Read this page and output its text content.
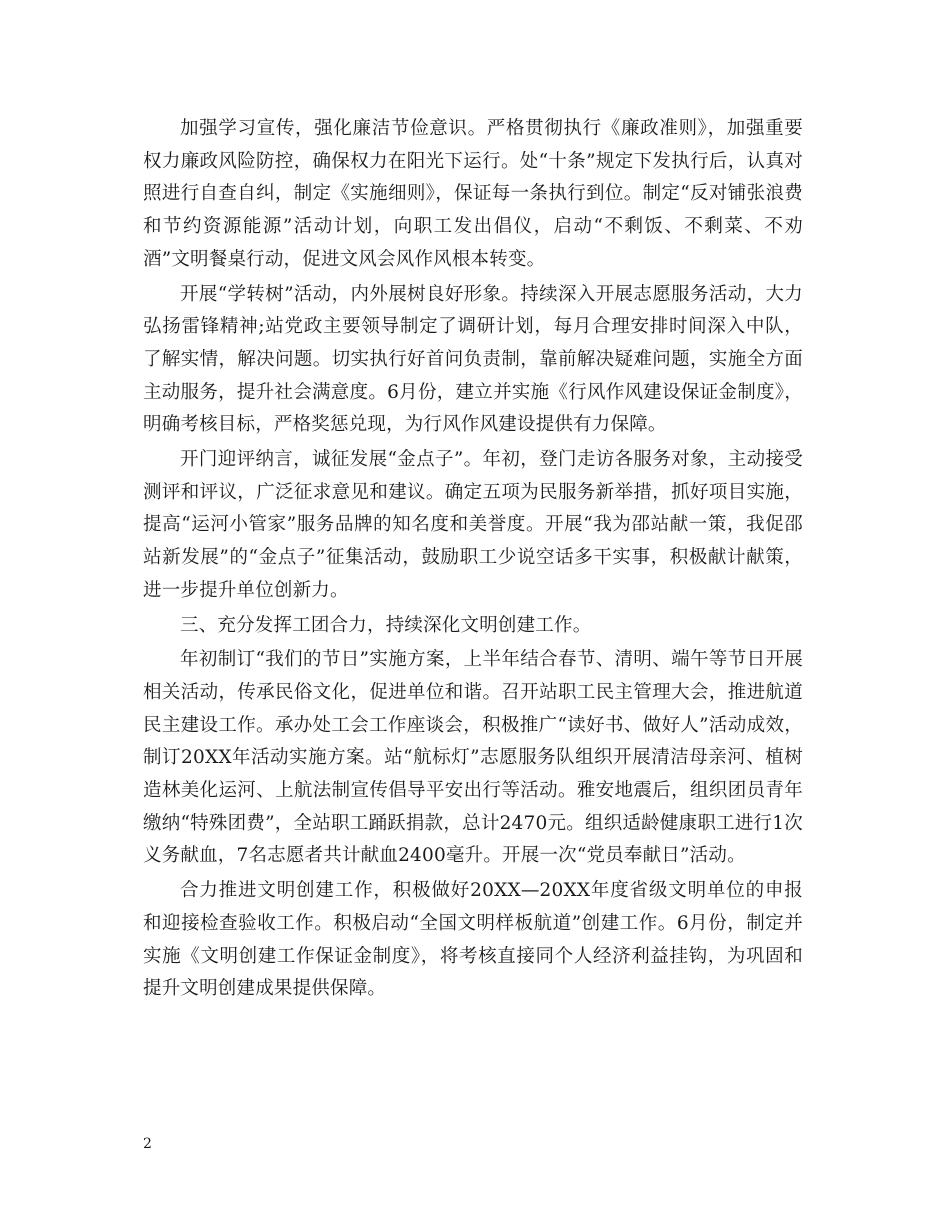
加强学习宣传，强化廉洁节俭意识。严格贯彻执行《廉政准则》，加强重要权力廉政风险防控，确保权力在阳光下运行。处“十条”规定下发执行后，认真对照进行自查自纠，制定《实施细则》，保证每一条执行到位。制定“反对铺张浪费和节约资源能源”活动计划，向职工发出倡仪，启动“不剩饭、不剩菜、不劝酒”文明餐桌行动，促进文风会风作风根本转变。

开展“学转树”活动，内外展树良好形象。持续深入开展志愿服务活动，大力弘扬雷锋精神;站党政主要领导制定了调研计划，每月合理安排时间深入中队，了解实情，解决问题。切实执行好首问负责制，靠前解决疑难问题，实施全方面主动服务，提升社会满意度。6月份，建立并实施《行风作风建设保证金制度》，明确考核目标，严格奖惩兑现，为行风作风建设提供有力保障。

开门迎评纳言，诚征发展“金点子”。年初，登门走访各服务对象，主动接受测评和评议，广泛征求意见和建议。确定五项为民服务新举措，抓好项目实施，提高“运河小管家”服务品牌的知名度和美誉度。开展“我为邵站献一策，我促邵站新发展”的“金点子”征集活动，鼓励职工少说空话多干实事，积极献计献策，进一步提升单位创新力。

三、充分发挥工团合力，持续深化文明创建工作。

年初制订“我们的节日”实施方案，上半年结合春节、清明、端午等节日开展相关活动，传承民俗文化，促进单位和谐。召开站职工民主管理大会，推进航道民主建设工作。承办处工会工作座谈会，积极推广“读好书、做好人”活动成效，制订20XX年活动实施方案。站“航标灯”志愿服务队组织开展清洁母亲河、植树造林美化运河、上航法制宣传倡导平安出行等活动。雅安地震后，组织团员青年缴纳“特殊团费”，全站职工踊跃捐款，总计2470元。组织适龄健康职工进行1次义务献血，7名志愿者共计献血2400毫升。开展一次“党员奉献日”活动。

合力推进文明创建工作，积极做好20XX—20XX年度省级文明单位的申报和迎接检查验收工作。积极启动“全国文明样板航道”创建工作。6月份，制定并实施《文明创建工作保证金制度》，将考核直接同个人经济利益挂钩，为巩固和提升文明创建成果提供保障。

2
